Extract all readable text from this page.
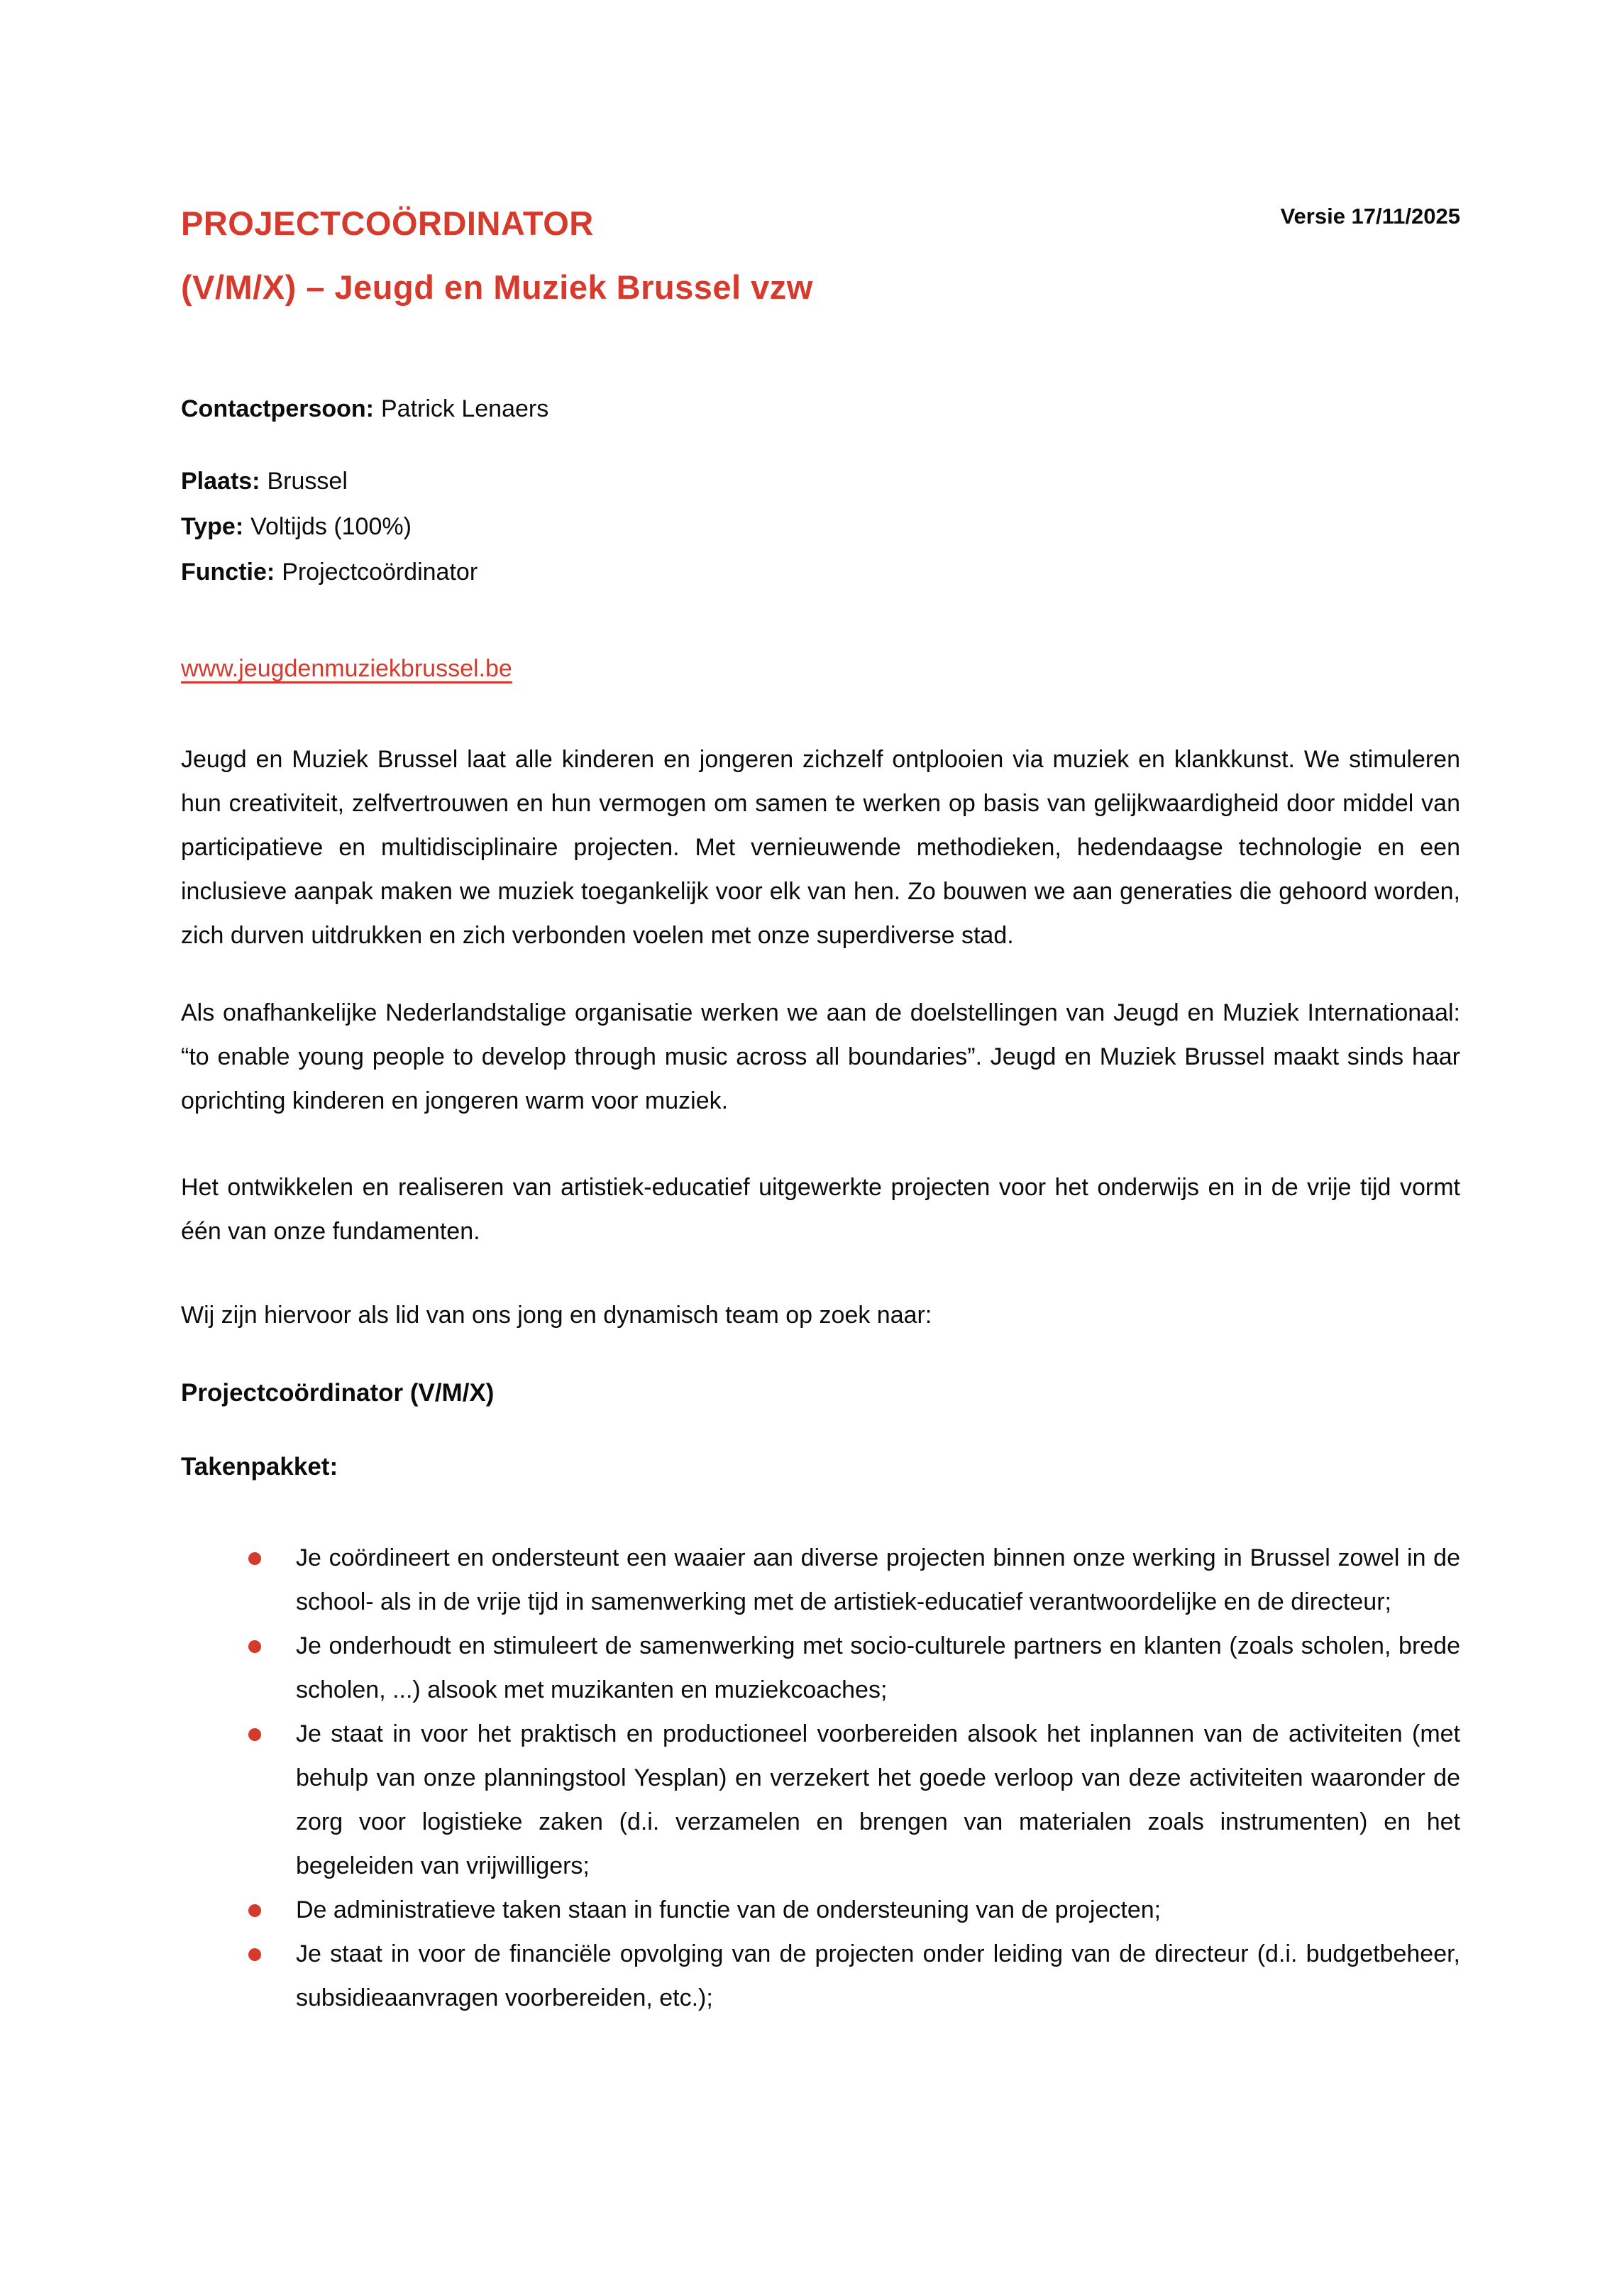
PROJECTCOÖRDINATOR
(V/M/X) – Jeugd en Muziek Brussel vzw
Versie 17/11/2025

Contactpersoon: Patrick Lenaers

Plaats: Brussel
Type: Voltijds (100%)
Functie: Projectcoördinator

www.jeugdenmuziekbrussel.be

Jeugd en Muziek Brussel laat alle kinderen en jongeren zichzelf ontplooien via muziek en klankkunst. We stimuleren hun creativiteit, zelfvertrouwen en hun vermogen om samen te werken op basis van gelijkwaardigheid door middel van participatieve en multidisciplinaire projecten. Met vernieuwende methodieken, hedendaagse technologie en een inclusieve aanpak maken we muziek toegankelijk voor elk van hen. Zo bouwen we aan generaties die gehoord worden, zich durven uitdrukken en zich verbonden voelen met onze superdiverse stad.

Als onafhankelijke Nederlandstalige organisatie werken we aan de doelstellingen van Jeugd en Muziek Internationaal: “to enable young people to develop through music across all boundaries”. Jeugd en Muziek Brussel maakt sinds haar oprichting kinderen en jongeren warm voor muziek.

Het ontwikkelen en realiseren van artistiek-educatief uitgewerkte projecten voor het onderwijs en in de vrije tijd vormt één van onze fundamenten.

Wij zijn hiervoor als lid van ons jong en dynamisch team op zoek naar:

Projectcoördinator (V/M/X)
Takenpakket:
Je coördineert en ondersteunt een waaier aan diverse projecten binnen onze werking in Brussel zowel in de school- als in de vrije tijd in samenwerking met de artistiek-educatief verantwoordelijke en de directeur;
Je onderhoudt en stimuleert de samenwerking met socio-culturele partners en klanten (zoals scholen, brede scholen, ...) alsook met muzikanten en muziekcoaches;
Je staat in voor het praktisch en productioneel voorbereiden alsook het inplannen van de activiteiten (met behulp van onze planningstool Yesplan) en verzekert het goede verloop van deze activiteiten waaronder de zorg voor logistieke zaken (d.i. verzamelen en brengen van materialen zoals instrumenten) en het begeleiden van vrijwilligers;
De administratieve taken staan in functie van de ondersteuning van de projecten;
Je staat in voor de financiële opvolging van de projecten onder leiding van de directeur (d.i. budgetbeheer, subsidieaanvragen voorbereiden, etc.);
